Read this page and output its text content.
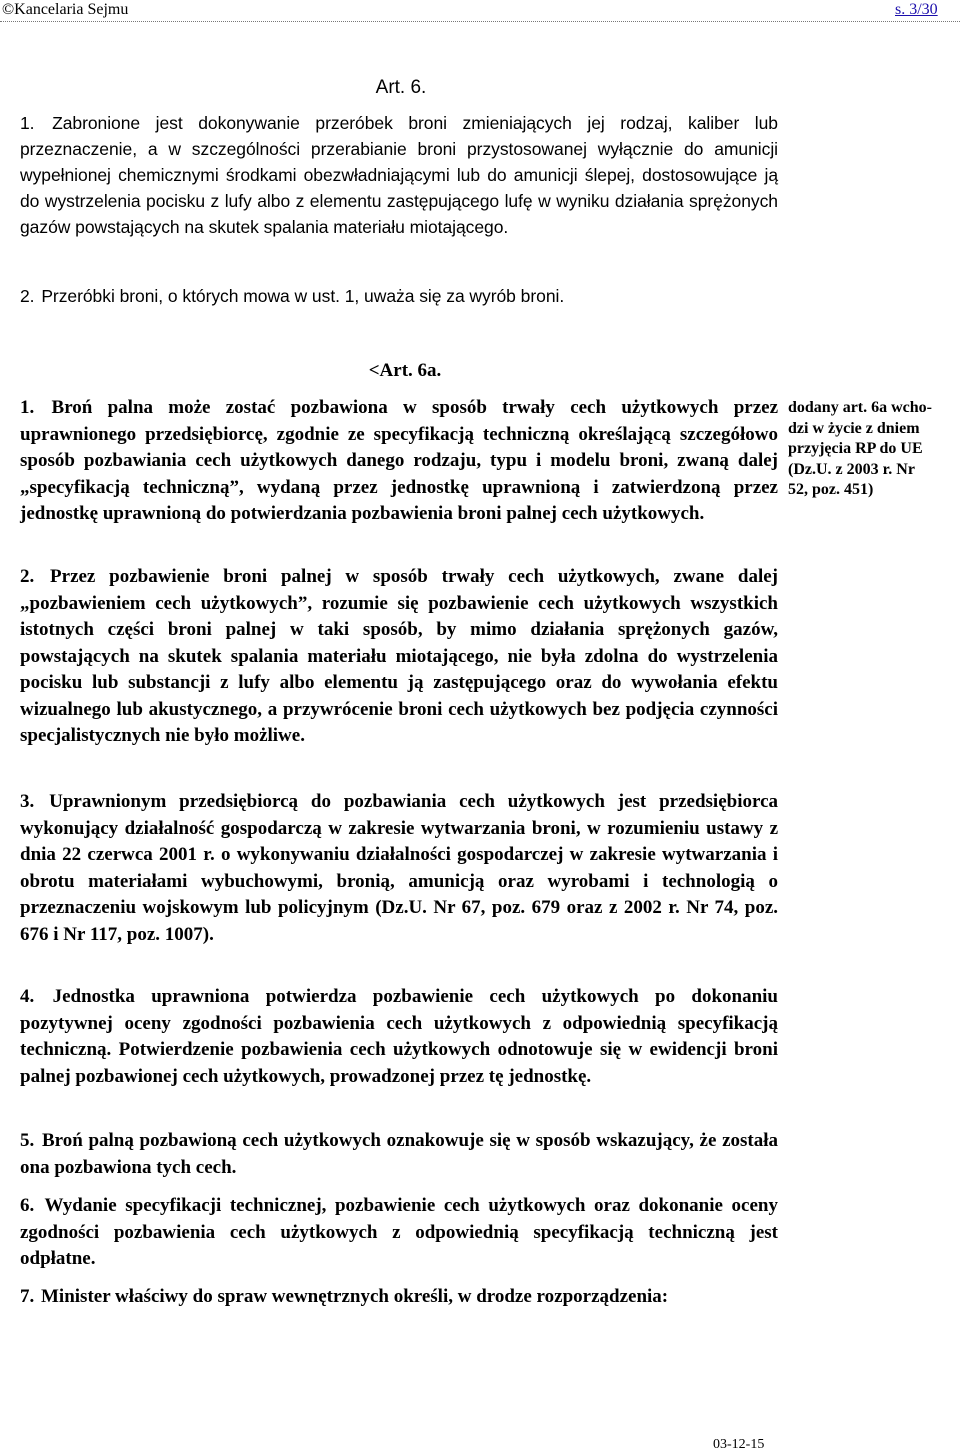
©Kancelaria Sejmu	s. 3/30
Art. 6.

1. Zabronione jest dokonywanie przeróbek broni zmieniających jej rodzaj, kaliber lub przeznaczenie, a w szczególności przerabianie broni przystosowanej wyłącznie do amunicji wypełnionej chemicznymi środkami obezwładniającymi lub do amunicji ślepej, dostosowujące ją do wystrzelenia pocisku z lufy albo z elementu zastępującego lufę w wyniku działania sprężonych gazów powstających na skutek spalania materiału miotającego.

2. Przeróbki broni, o których mowa w ust. 1, uważa się za wyrób broni.

<Art. 6a.

1. Broń palna może zostać pozbawiona w sposób trwały cech użytkowych przez uprawnionego przedsiębiorcę, zgodnie ze specyfikacją techniczną określającą szczegółowo sposób pozbawiania cech użytkowych danego rodzaju, typu i modelu broni, zwaną dalej „specyfikacją techniczną”, wydaną przez jednostkę uprawnioną i zatwierdzoną przez jednostkę uprawnioną do potwierdzania pozbawienia broni palnej cech użytkowych.

2. Przez pozbawienie broni palnej w sposób trwały cech użytkowych, zwane dalej „pozbawieniem cech użytkowych”, rozumie się pozbawienie cech użytkowych wszystkich istotnych części broni palnej w taki sposób, by mimo działania sprężonych gazów, powstających na skutek spalania materiału miotającego, nie była zdolna do wystrzelenia pocisku lub substancji z lufy albo elementu ją zastępującego oraz do wywołania efektu wizualnego lub akustycznego, a przywrócenie broni cech użytkowych bez podjęcia czynności specjalistycznych nie było możliwe.

3. Uprawnionym przedsiębiorcą do pozbawiania cech użytkowych jest przedsiębiorca wykonujący działalność gospodarczą w zakresie wytwarzania broni, w rozumieniu ustawy z dnia 22 czerwca 2001 r. o wykonywaniu działalności gospodarczej w zakresie wytwarzania i obrotu materiałami wybuchowymi, bronią, amunicją oraz wyrobami i technologią o przeznaczeniu wojskowym lub policyjnym (Dz.U. Nr 67, poz. 679 oraz z 2002 r. Nr 74, poz. 676 i Nr 117, poz. 1007).

4. Jednostka uprawniona potwierdza pozbawienie cech użytkowych po dokonaniu pozytywnej oceny zgodności pozbawienia cech użytkowych z odpowiednią specyfikacją techniczną. Potwierdzenie pozbawienia cech użytkowych odnotowuje się w ewidencji broni palnej pozbawionej cech użytkowych, prowadzonej przez tę jednostkę.

5. Broń palną pozbawioną cech użytkowych oznakowuje się w sposób wskazujący, że została ona pozbawiona tych cech.

6. Wydanie specyfikacji technicznej, pozbawienie cech użytkowych oraz dokonanie oceny zgodności pozbawienia cech użytkowych z odpowiednią specyfikacją techniczną jest odpłatne.

7. Minister właściwy do spraw wewnętrznych określi, w drodze rozporządzenia:

dodany art. 6a wcho-
dzi w życie z dniem
przyjęcia RP do UE
(Dz.U. z 2003 r. Nr
52, poz. 451)
03-12-15
